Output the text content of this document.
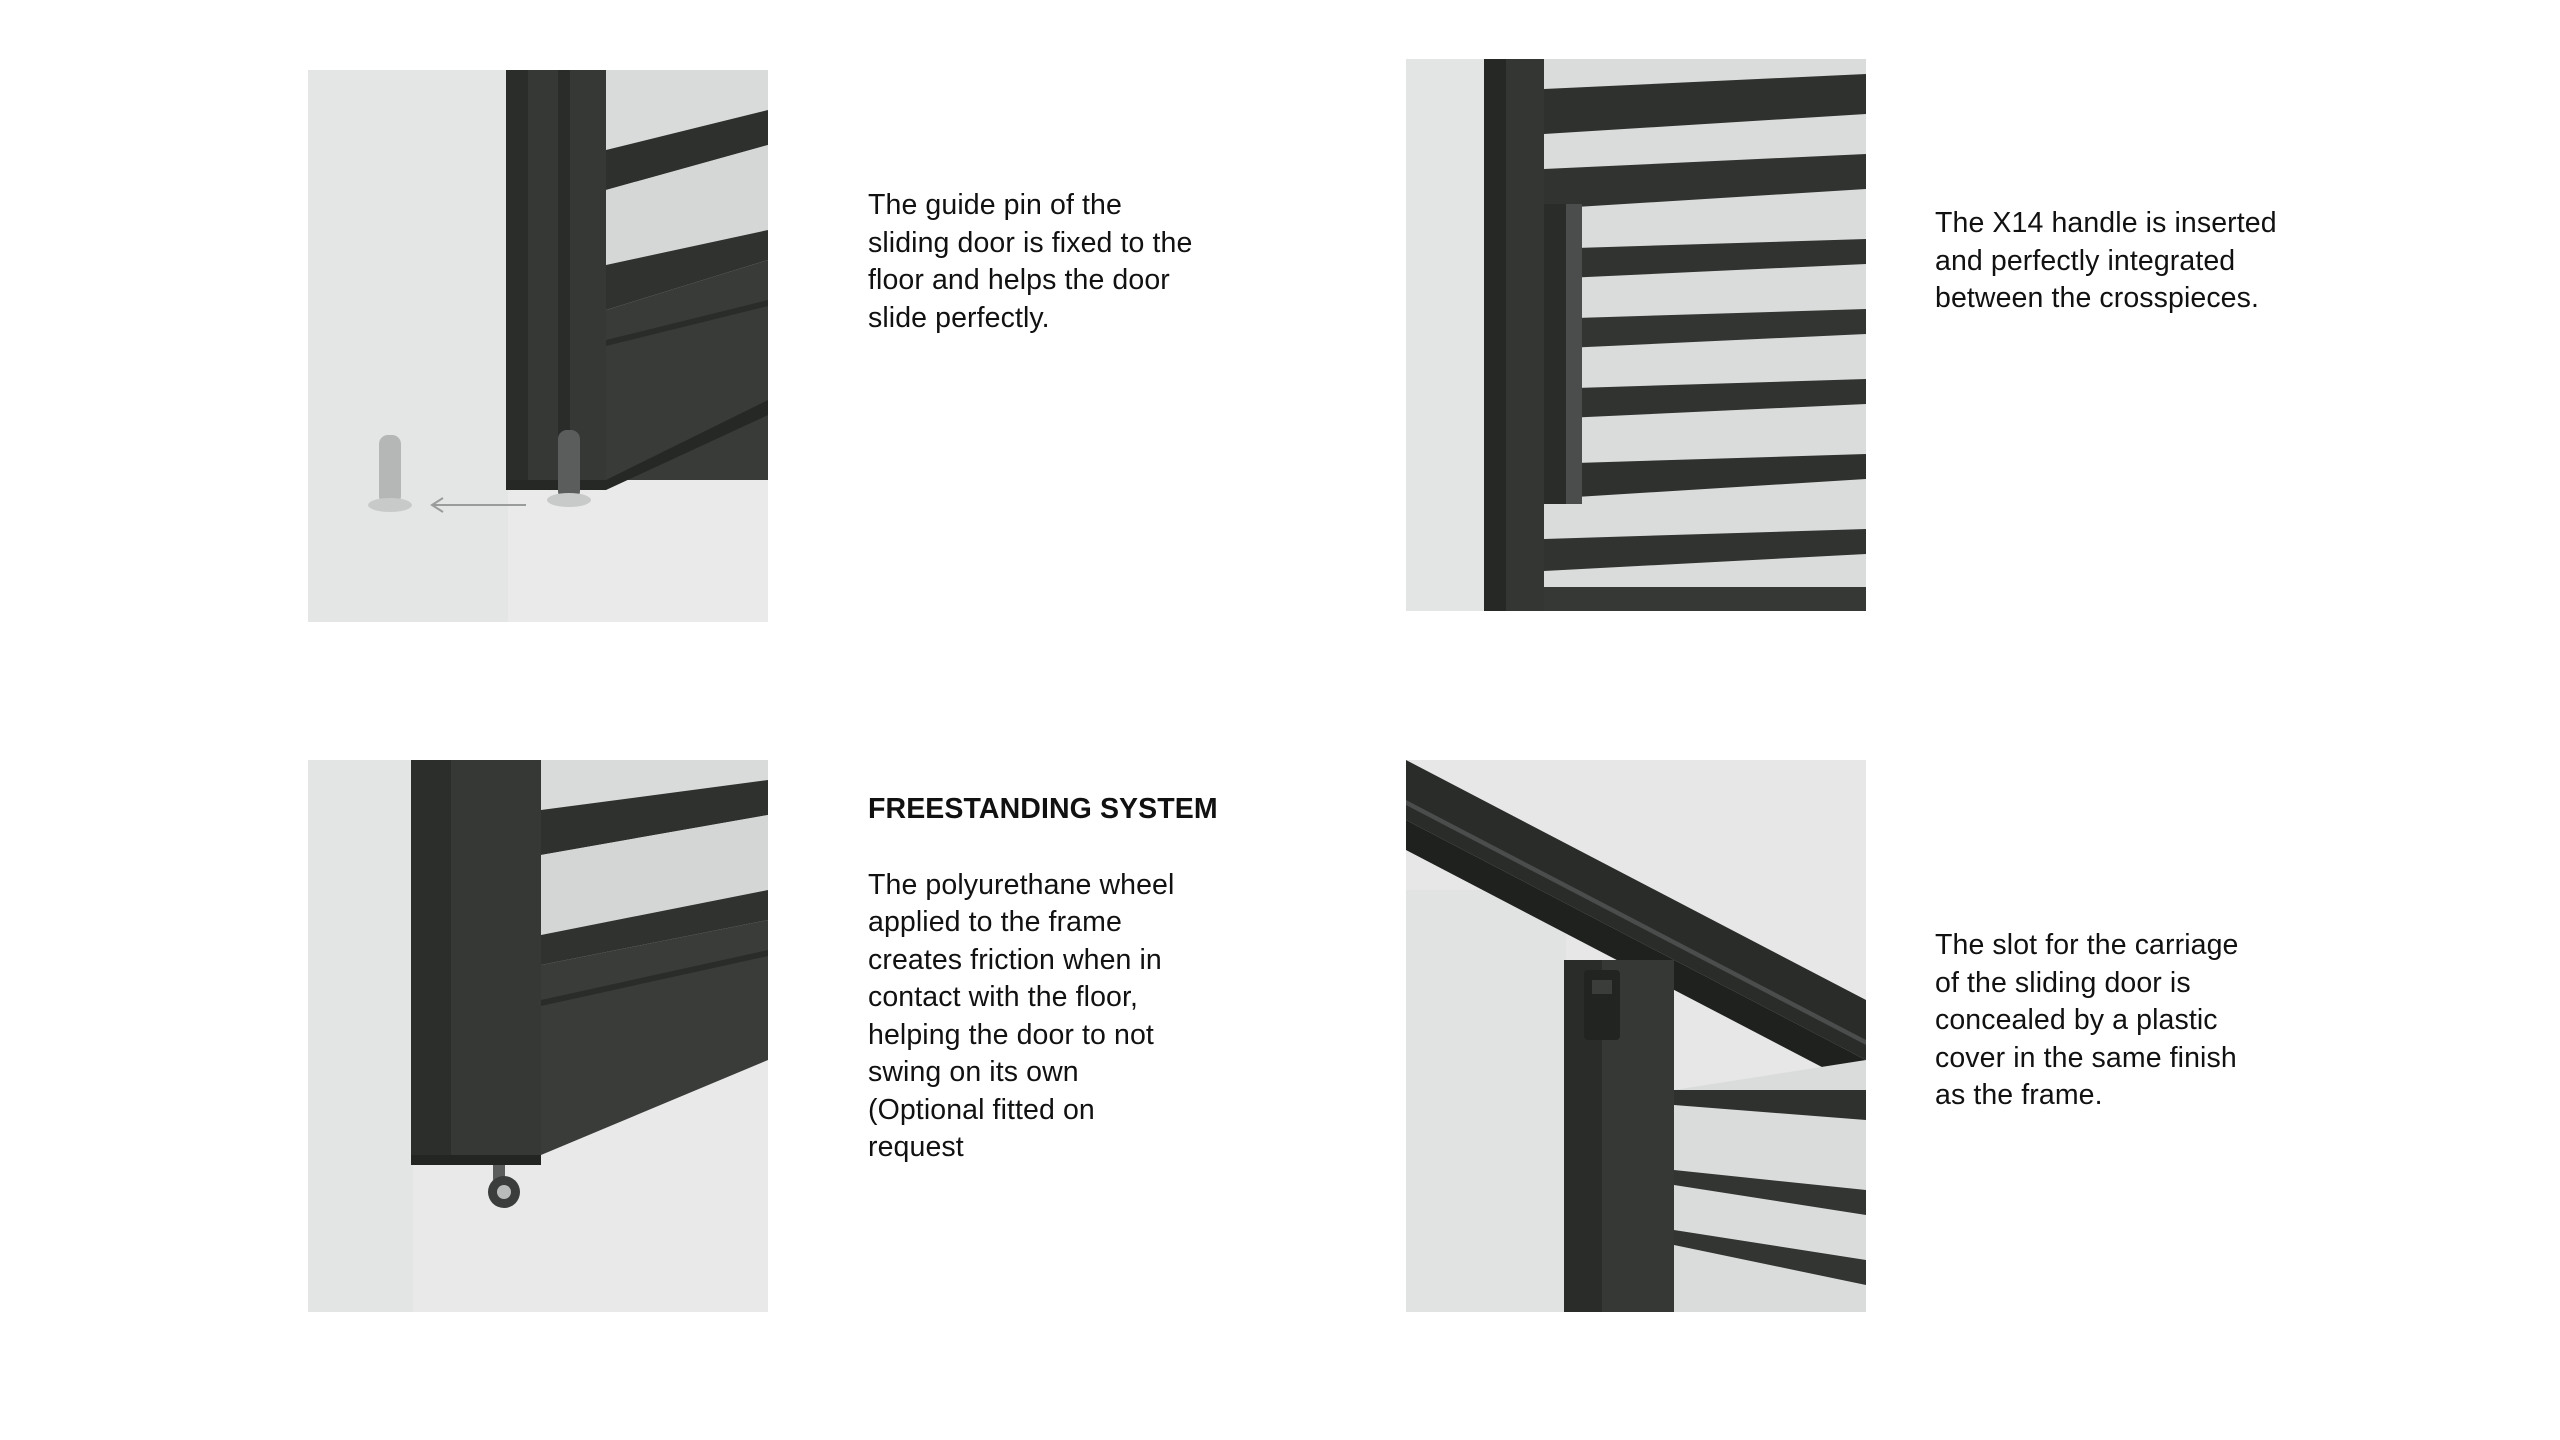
The guide pin of the
sliding door is fixed to the
floor and helps the door
slide perfectly.

The X14 handle is inserted
and perfectly integrated
between the crosspieces.

FREESTANDING SYSTEM

The polyurethane wheel
applied to the frame
creates friction when in
contact with the floor,
helping the door to not
swing on its own
(Optional fitted on
request

The slot for the carriage
of the sliding door is
concealed by a plastic
cover in the same finish
as the frame.
